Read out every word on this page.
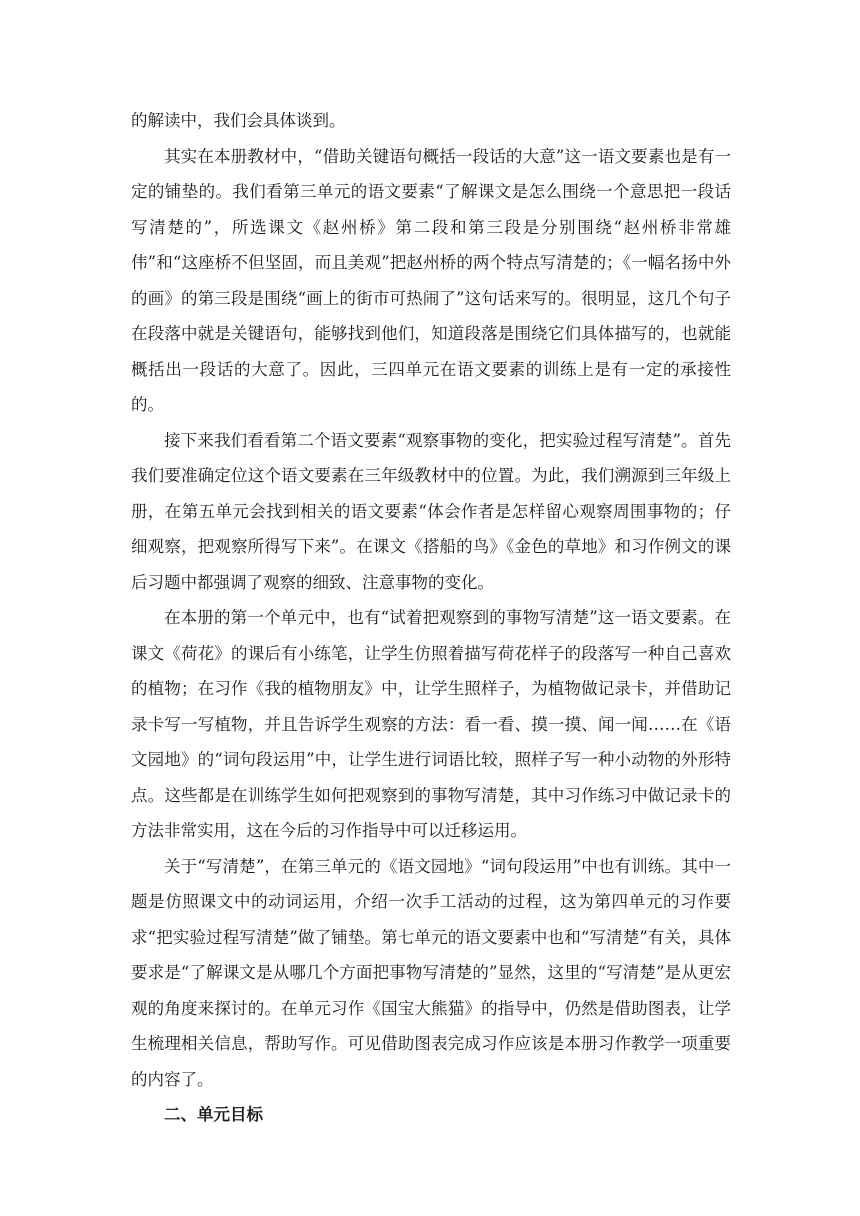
的解读中，我们会具体谈到。

其实在本册教材中，“借助关键语句概括一段话的大意”这一语文要素也是有一定的铺垫的。我们看第三单元的语文要素“了解课文是怎么围绕一个意思把一段话写清楚的”，所选课文《赵州桥》第二段和第三段是分别围绕“赵州桥非常雄伟”和“这座桥不但坚固，而且美观”把赵州桥的两个特点写清楚的；《一幅名扬中外的画》的第三段是围绕“画上的街市可热闹了”这句话来写的。很明显，这几个句子在段落中就是关键语句，能够找到他们，知道段落是围绕它们具体描写的，也就能概括出一段话的大意了。因此，三四单元在语文要素的训练上是有一定的承接性的。

接下来我们看看第二个语文要素“观察事物的变化，把实验过程写清楚”。首先我们要准确定位这个语文要素在三年级教材中的位置。为此，我们溯源到三年级上册，在第五单元会找到相关的语文要素“体会作者是怎样留心观察周围事物的；仔细观察，把观察所得写下来”。在课文《搭船的鸟》《金色的草地》和习作例文的课后习题中都强调了观察的细致、注意事物的变化。

在本册的第一个单元中，也有“试着把观察到的事物写清楚”这一语文要素。在课文《荷花》的课后有小练笔，让学生仿照着描写荷花样子的段落写一种自己喜欢的植物；在习作《我的植物朋友》中，让学生照样子，为植物做记录卡，并借助记录卡写一写植物，并且告诉学生观察的方法：看一看、摸一摸、闻一闻……在《语文园地》的“词句段运用”中，让学生进行词语比较，照样子写一种小动物的外形特点。这些都是在训练学生如何把观察到的事物写清楚，其中习作练习中做记录卡的方法非常实用，这在今后的习作指导中可以迁移运用。

关于“写清楚”，在第三单元的《语文园地》“词句段运用”中也有训练。其中一题是仿照课文中的动词运用，介绍一次手工活动的过程，这为第四单元的习作要求“把实验过程写清楚”做了铺垫。第七单元的语文要素中也和“写清楚”有关，具体要求是“了解课文是从哪几个方面把事物写清楚的”显然，这里的“写清楚”是从更宏观的角度来探讨的。在单元习作《国宝大熊猫》的指导中，仍然是借助图表，让学生梳理相关信息，帮助写作。可见借助图表完成习作应该是本册习作教学一项重要的内容了。

二、单元目标
